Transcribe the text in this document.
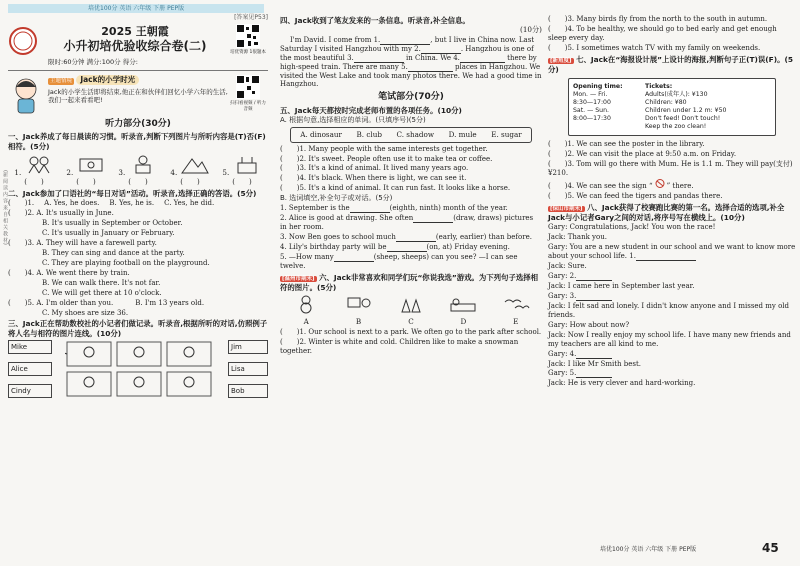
培优100分 英语 六年级 下册 PEP版
(新 阅 读 内 容 来 自 相 关 教 材)
[答案见P53]
2025 王朝霞
小升初培优验收综合卷(二)	培优资源 1很题本
限时:60分钟 满分:100分 得分:
主题情境 Jack的小学时光
Jack的小学生活即将结束,他正在和伙伴们回忆小学六年的生活,我们一起来看看吧!	扫扫看视频 / 听力音频
听力部分(30分)
一、Jack养成了每日晨读的习惯。听录音,判断下列图片与所听内容是(T)否(F)相符。(5分)
1.	2.	3.	4.	5.
(　　)	(　　)	(　　)	(　　)	(　　)
二、Jack参加了口语社的“每日对话”活动。听录音,选择正确的答语。(5分)
(　　)1. A. Yes, he does. B. Yes, he is. C. Yes, he did.
(　　)2. A. It's usually in June.
B. It's usually in September or October.
C. It's usually in January or February.
(　　)3. A. They will have a farewell party.
B. They can sing and dance at the party.
C. They are playing football on the playground.
(　　)4. A. We went there by train.
B. We can walk there. It's not far.
C. We will get there at 10 o'clock.
(　　)5. A. I'm older than you.	B. I'm 13 years old.
C. My shoes are size 36.
三、Jack正在帮助数校社的小记者们做记录。听录音,根据所听的对话,仿照例子将人名与相符的图片连线。(10分)
Mike
Alice
Cindy
Jim
Lisa
Bob
四、Jack收到了笔友发来的一条信息。听录音,补全信息。
(10分)
I'm David. I come from 1.	, but I live in China now. Last Saturday I visited Hangzhou with my 2.	. Hangzhou is one of the most beautiful 3.	in China. We 4.	there by high-speed train. There are many 5.	places in Hangzhou. We visited the West Lake and took many photos there. We had a good time in Hangzhou.
笔试部分(70分)
五、Jack每天都按时完成老师布置的各项任务。(10分)
A. 根据句意,选择相应的单词。(只填序号)(5分)
A. dinosaur B. club C. shadow D. mule E. sugar
(　　)1. Many people with the same interests get together.
(　　)2. It's sweet. People often use it to make tea or coffee.
(　　)3. It's a kind of animal. It lived many years ago.
(　　)4. It's black. When there is light, we can see it.
(　　)5. It's a kind of animal. It can run fast. It looks like a horse.
B. 选词填空,补全句子或对话。(5分)
1. September is the	(eighth, ninth) month of the year.
2. Alice is good at drawing. She often	(draw, draws) pictures in her room.
3. Now Ben goes to school much	(early, earlier) than before.
4. Lily's birthday party will be	(on, at) Friday evening.
5. —How many	(sheep, sheeps) can you see? —I can see twelve.
[温州市期末] 六、Jack非常喜欢和同学们玩“你说我选”游戏。为下列句子选择相符的图片。(5分)
A	B	C	D	E
(　　)1. Our school is next to a park. We often go to the park after school.
(　　)2. Winter is white and cold. Children like to make a snowman together.
(　　)3. Many birds fly from the north to the south in autumn.
(　　)4. To be healthy, we should go to bed early and get enough sleep every day.
(　　)5. I sometimes watch TV with my family on weekends.
[新角度] 七、Jack在“海报设计展”上设计的海报,判断句子正(T)误(F)。(5分)
Opening time:
Mon. — Fri.
8:30—17:00
Sat. — Sun.
8:00—17:30
Tickets:
Adults(成年人): ¥130
Children: ¥80
Children under 1.2 m: ¥50
Don't feed! Don't touch!
Keep the zoo clean!
(　　)1. We can see the poster in the library.
(　　)2. We can visit the place at 9:50 a.m. on Friday.
(　　)3. Tom will go there with Mum. He is 1.1 m. They will pay(支付) ¥210.
(　　)4. We can see the sign “ ” there.
(　　)5. We can feed the tigers and pandas there.
[保山市期末] 八、Jack获得了校赛跑比赛的第一名。选择合适的选项,补全Jack与小记者Gary之间的对话,将序号写在横线上。(10分)
Gary: Congratulations, Jack! You won the race!
Jack: Thank you.
Gary: You are a new student in our school and we want to know more about your school life. 1.
Jack: Sure.
Gary: 2.
Jack: I came here in September last year.
Gary: 3.
Jack: I felt sad and lonely. I didn't know anyone and I missed my old friends.
Gary: How about now?
Jack: Now I really enjoy my school life. I have many new friends and my teachers are all kind to me.
Gary: 4.
Jack: I like Mr Smith best.
Gary: 5.
Jack: He is very clever and hard-working.
培优100分 英语 六年级 下册 PEP版	45
